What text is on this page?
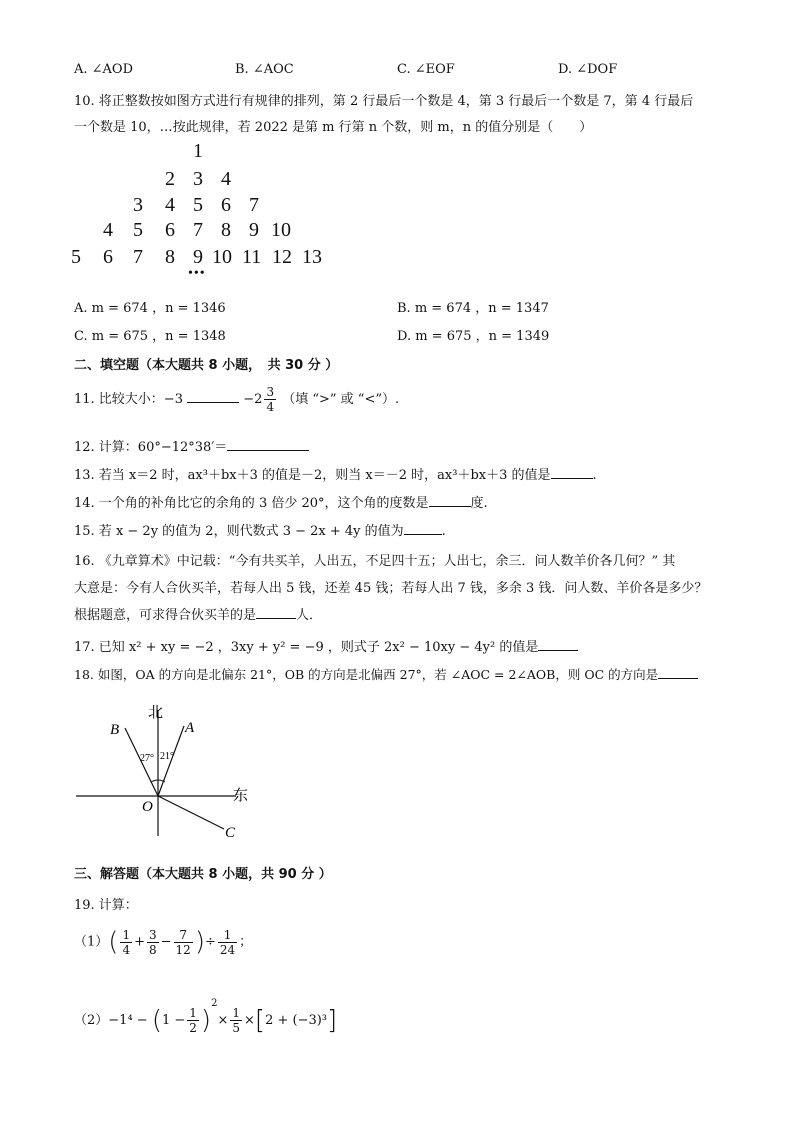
A. ∠AOD	B. ∠AOC	C. ∠EOF	D. ∠DOF
10. 将正整数按如图方式进行有规律的排列，第 2 行最后一个数是 4，第 3 行最后一个数是 7，第 4 行最后
一个数是 10，…按此规律，若 2022 是第 m 行第 n 个数，则 m，n 的值分别是（　　）
1
2 3 4
3 4 5 6 7
4 5 6 7 8 9 10
5 6 7 8 9 10 11 12 13
•••
A. m = 674 ，n = 1346	B. m = 674 ，n = 1347
C. m = 675 ，n = 1348	D. m = 675 ，n = 1349
二、填空题（本大题共 8 小题，　共 30 分 ）
11. 比较大小：−3	$-2 \frac{3}{4}$ （填 “>” 或 “<”）.
12. 计算：60°−12°38′＝
13. 若当 x＝2 时，ax³＋bx＋3 的值是－2，则当 x＝－2 时，ax³＋bx＋3 的值是	.
14. 一个角的补角比它的余角的 3 倍少 20°，这个角的度数是	度.
15. 若 x − 2y 的值为 2，则代数式 3 − 2x + 4y 的值为	.
16. 《九章算术》中记载：“今有共买羊，人出五，不足四十五；人出七，余三．问人数羊价各几何？” 其
大意是：今有人合伙买羊，若每人出 5 钱，还差 45 钱；若每人出 7 钱，多余 3 钱．问人数、羊价各是多少？
根据题意，可求得合伙买羊的是	人．
17. 已知 x² + xy = −2 ，3xy + y² = −9 ，则式子 2x² − 10xy − 4y² 的值是
18. 如图，OA 的方向是北偏东 21°，OB 的方向是北偏西 27°，若 ∠AOC = 2∠AOB，则 OC 的方向是
北
东
B	A
C
O
27° 21°
三、解答题（本大题共 8 小题，共 90 分 ）
19. 计算：
$(1)( \frac{1}{4} + \frac{3}{8} - \frac{7}{12}$ )÷ $\frac{1}{24}$ ；
$(2)-1^4 - (1 - \frac{1}{2} )^2\times \frac{1}{5} \times[2 + (-3)^3]$
